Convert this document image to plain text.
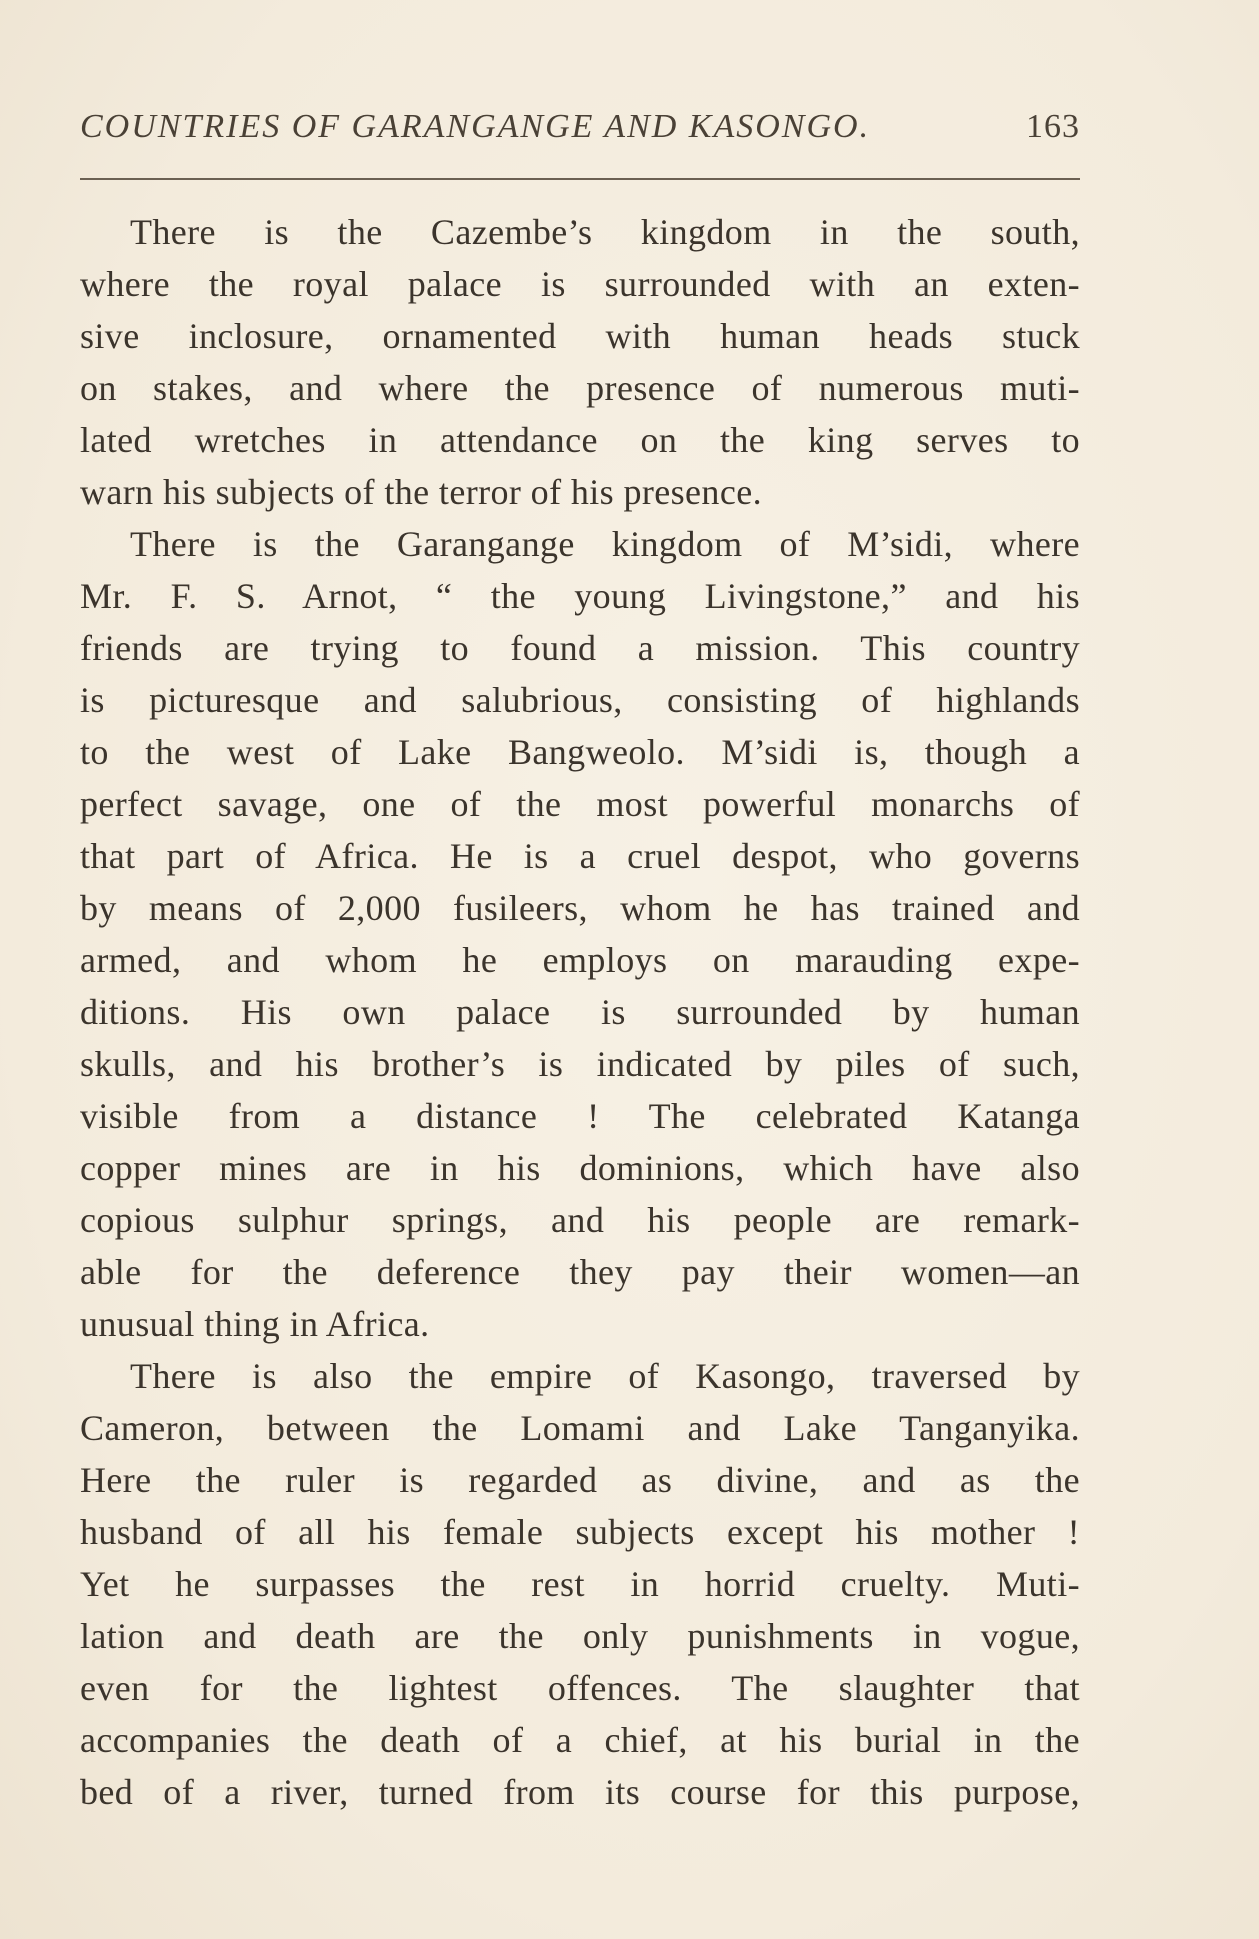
COUNTRIES OF GARANGANGE AND KASONGO.	163
There is the Cazembe’s kingdom in the south,
where the royal palace is surrounded with an exten-
sive inclosure, ornamented with human heads stuck
on stakes, and where the presence of numerous muti-
lated wretches in attendance on the king serves to
warn his subjects of the terror of his presence.
There is the Garangange kingdom of M’sidi, where
Mr. F. S. Arnot, “ the young Livingstone,” and his
friends are trying to found a mission. This country
is picturesque and salubrious, consisting of highlands
to the west of Lake Bangweolo. M’sidi is, though a
perfect savage, one of the most powerful monarchs of
that part of Africa. He is a cruel despot, who governs
by means of 2,000 fusileers, whom he has trained and
armed, and whom he employs on marauding expe-
ditions. His own palace is surrounded by human
skulls, and his brother’s is indicated by piles of such,
visible from a distance ! The celebrated Katanga
copper mines are in his dominions, which have also
copious sulphur springs, and his people are remark-
able for the deference they pay their women—an
unusual thing in Africa.
There is also the empire of Kasongo, traversed by
Cameron, between the Lomami and Lake Tanganyika.
Here the ruler is regarded as divine, and as the
husband of all his female subjects except his mother !
Yet he surpasses the rest in horrid cruelty. Muti-
lation and death are the only punishments in vogue,
even for the lightest offences. The slaughter that
accompanies the death of a chief, at his burial in the
bed of a river, turned from its course for this purpose,
